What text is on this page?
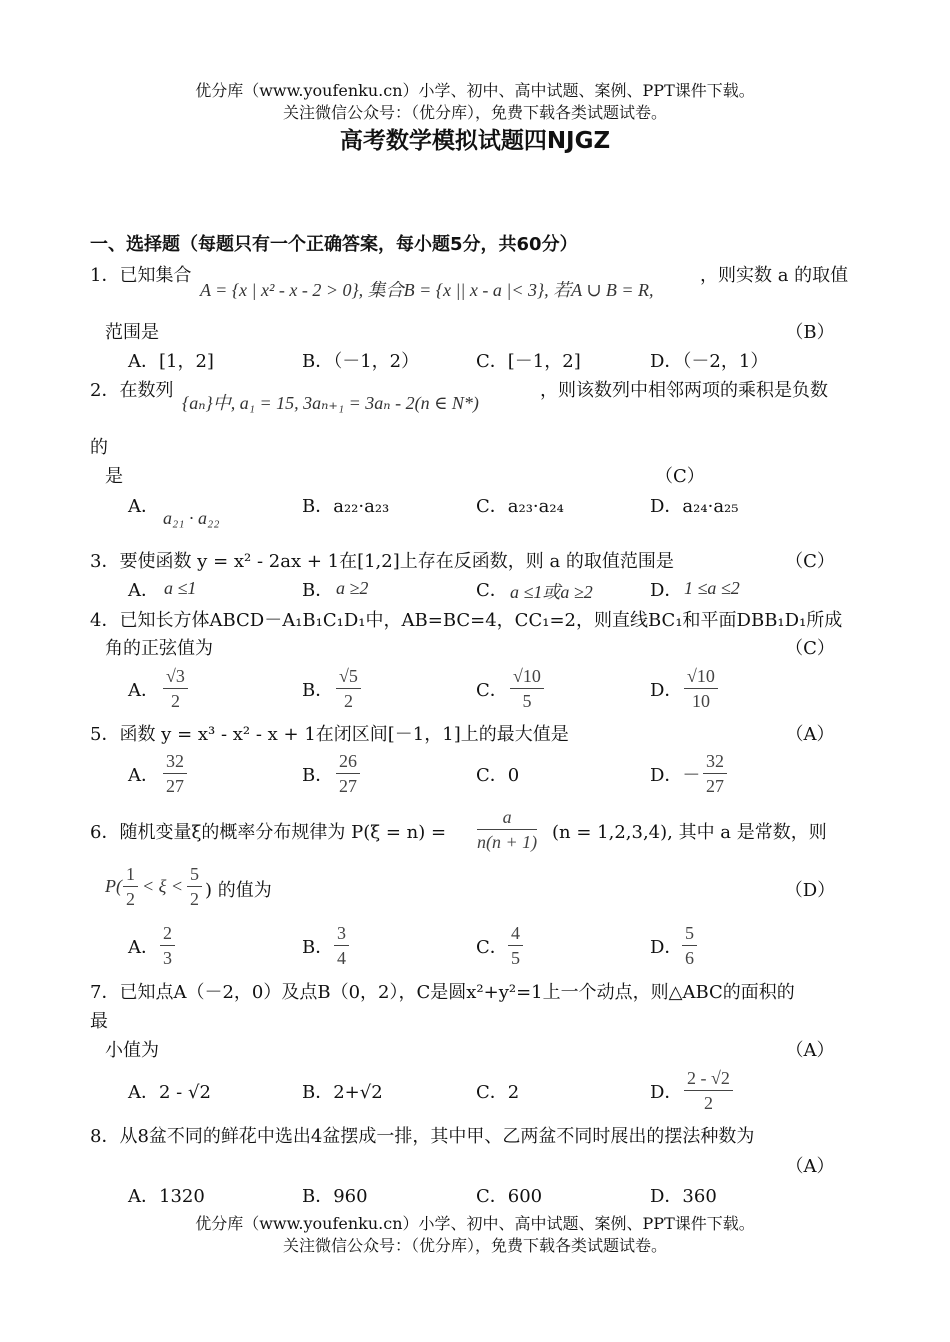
优分库（www.youfenku.cn）小学、初中、高中试题、案例、PPT课件下载。
关注微信公众号：（优分库），免费下载各类试题试卷。
高考数学模拟试题四NJGZ
一、选择题（每题只有一个正确答案，每小题5分，共60分）
1．已知集合
A = {x | x² - x - 2 > 0}, 集合B = {x || x - a |< 3}, 若A ∪ B = R,
，则实数 a 的取值
范围是	（B）
A．[1，2]	B．（－1，2）	C．[－1，2]	D．（－2，1）
2．在数列
{aₙ}中, a₁ = 15, 3aₙ₊₁ = 3aₙ - 2(n ∈ N*)
，则该数列中相邻两项的乘积是负数
的
是	（C）
A．
a₂₁ · a₂₂
B．a₂₂·a₂₃	C．a₂₃·a₂₄	D．a₂₄·a₂₅
3．要使函数 y = x² - 2ax + 1在[1,2]上存在反函数，则 a 的取值范围是	（C）
A． a ≤1	B． a ≥2	C． a ≤1或a ≥2	D． 1 ≤a ≤2
4．已知长方体ABCD－A₁B₁C₁D₁中，AB=BC=4，CC₁=2，则直线BC₁和平面DBB₁D₁所成
角的正弦值为	（C）
A． $\frac{√3}{2}$	B． $\frac{√5}{2}$	C． $\frac{√10}{5}$	D． $\frac{√10}{10}$
5．函数 y = x³ - x² - x + 1在闭区间[－1，1]上的最大值是	（A）
A． $\frac{32}{27}$	B． $\frac{26}{27}$	C．0	D．－ $\frac{32}{27}$
6．随机变量ξ的概率分布规律为 $P(\xi = n) = \frac{a}{n(n + 1)} (n = 1,2,3,4)$, 其中 a 是常数，则
$P( \frac{1}{2} < \xi < \frac{5}{2}$ ) 的值为	（D）
A． $\frac{2}{3}$	B． $\frac{3}{4}$	C． $\frac{4}{5}$	D． $\frac{5}{6}$
7．已知点A（－2，0）及点B（0，2），C是圆x²+y²=1上一个动点，则△ABC的面积的
最
小值为	（A）
A．2 - √2	B．2+√2	C．2	D． $\frac{2 - √2}{2}$
8．从8盆不同的鲜花中选出4盆摆成一排，其中甲、乙两盆不同时展出的摆法种数为
（A）
A．1320	B．960	C．600	D．360
优分库（www.youfenku.cn）小学、初中、高中试题、案例、PPT课件下载。
关注微信公众号：（优分库），免费下载各类试题试卷。
